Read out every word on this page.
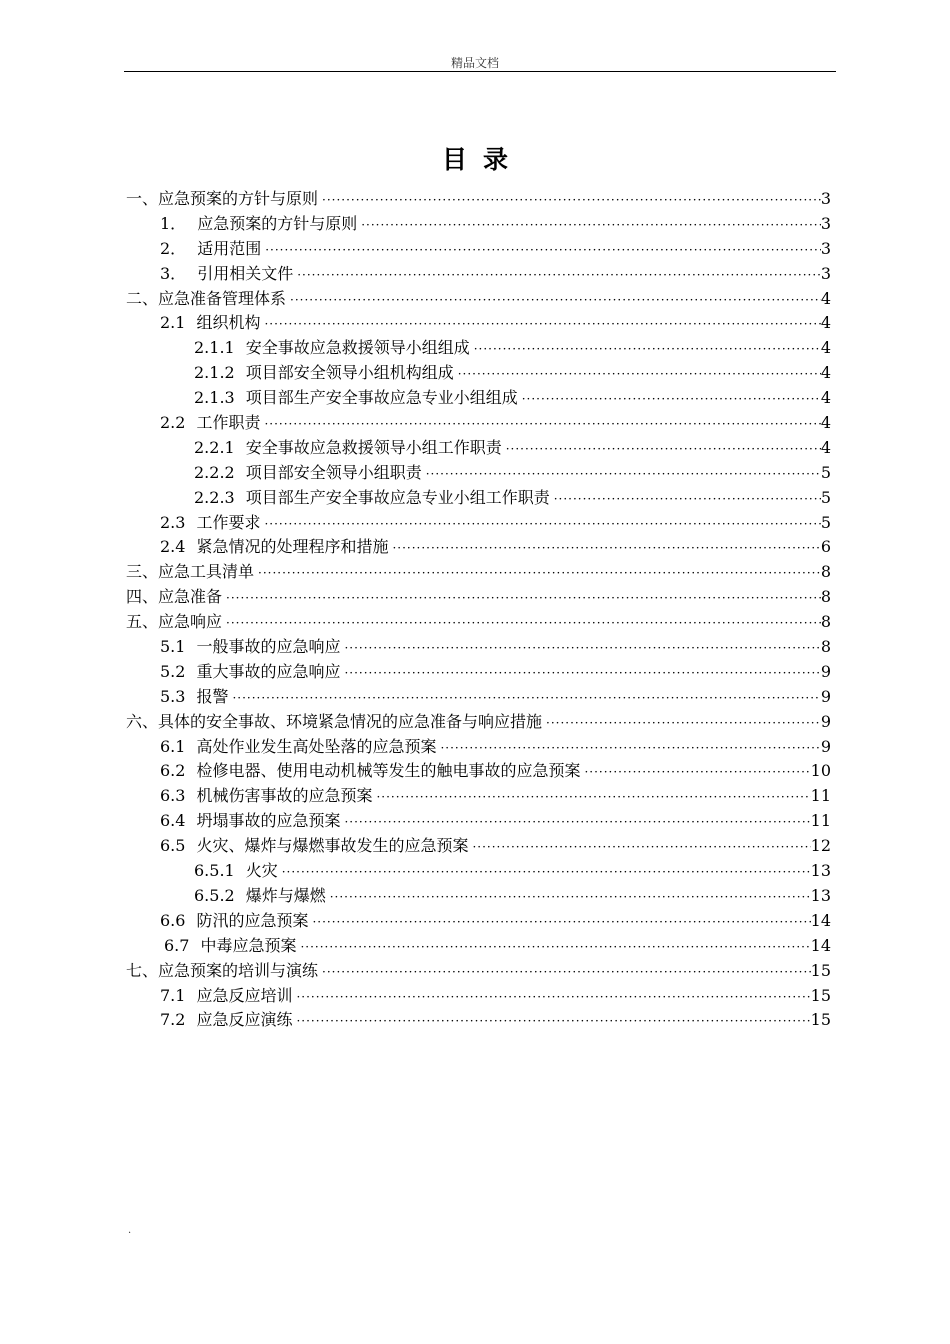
精品文档
目录
一、应急预案的方针与原则 ·····	3
1． 应急预案的方针与原则 ·····	3
2． 适用范围 ·····	3
3． 引用相关文件 ·····	3
二、应急准备管理体系 ·····	4
2.1 组织机构 ·····	4
2.1.1 安全事故应急救援领导小组组成 ·····	4
2.1.2 项目部安全领导小组机构组成 ·····	4
2.1.3 项目部生产安全事故应急专业小组组成 ·····	4
2.2 工作职责 ·····	4
2.2.1 安全事故应急救援领导小组工作职责 ·····	4
2.2.2 项目部安全领导小组职责 ·····	5
2.2.3 项目部生产安全事故应急专业小组工作职责 ·····	5
2.3 工作要求 ·····	5
2.4 紧急情况的处理程序和措施 ·····	6
三、应急工具清单 ·····	8
四、应急准备 ·····	8
五、应急响应 ·····	8
5.1 一般事故的应急响应 ·····	8
5.2 重大事故的应急响应 ·····	9
5.3 报警 ·····	9
六、具体的安全事故、环境紧急情况的应急准备与响应措施 ·····	9
6.1 高处作业发生高处坠落的应急预案 ·····	9
6.2 检修电器、使用电动机械等发生的触电事故的应急预案 ·····	10
6.3 机械伤害事故的应急预案 ·····	11
6.4 坍塌事故的应急预案 ·····	11
6.5 火灾、爆炸与爆燃事故发生的应急预案 ·····	12
6.5.1 火灾 ·····	13
6.5.2 爆炸与爆燃 ·····	13
6.6 防汛的应急预案 ·····	14
6.7 中毒应急预案 ·····	14
七、应急预案的培训与演练 ·····	15
7.1 应急反应培训 ·····	15
7.2 应急反应演练 ·····	15
.
